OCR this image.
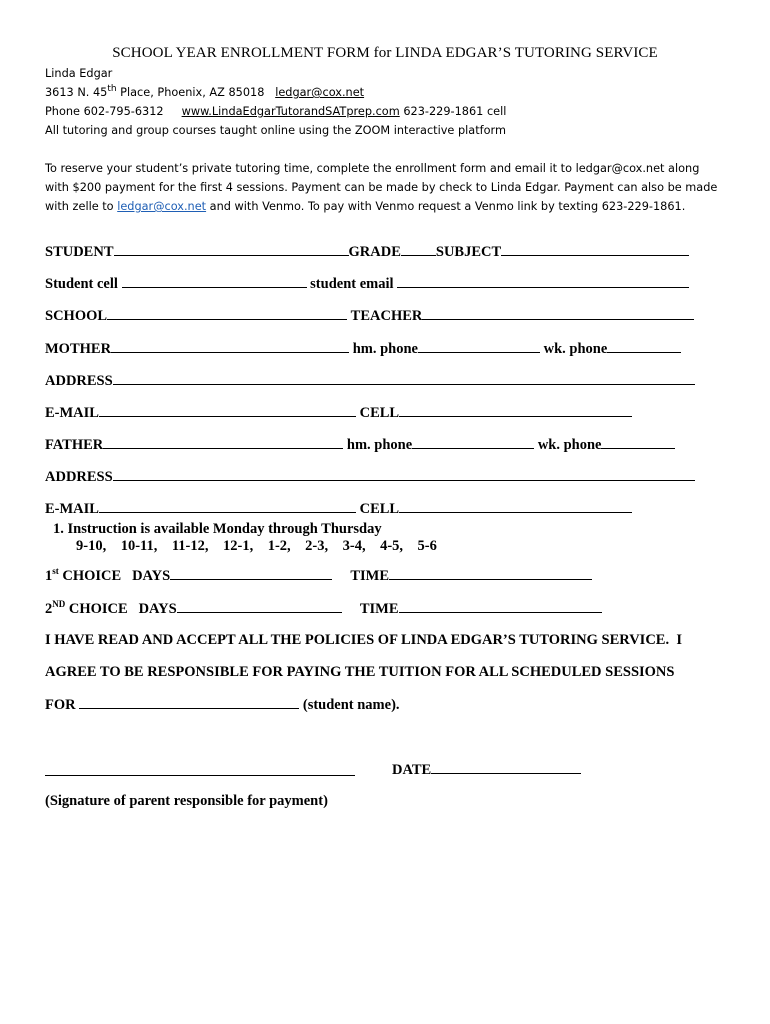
SCHOOL YEAR ENROLLMENT FORM for LINDA EDGAR’S TUTORING SERVICE
Linda Edgar
3613 N. 45th Place, Phoenix, AZ 85018 ledgar@cox.net
Phone 602-795-6312 www.LindaEdgarTutorandSATprep.com 623-229-1861 cell
All tutoring and group courses taught online using the ZOOM interactive platform
To reserve your student’s private tutoring time, complete the enrollment form and email it to ledgar@cox.net along
with $200 payment for the first 4 sessions. Payment can be made by check to Linda Edgar. Payment can also be made
with zelle to ledgar@cox.net and with Venmo. To pay with Venmo request a Venmo link by texting 623-229-1861.
STUDENT	GRADE SUBJECT
Student cell	student email
SCHOOL	TEACHER
MOTHER	hm. phone	wk. phone
ADDRESS
E-MAIL	CELL
FATHER	hm. phone	wk. phone
ADDRESS
E-MAIL	CELL
1. Instruction is available Monday through Thursday
9-10,    10-11,    11-12,    12-1,    1-2,    2-3,    3-4,    4-5,    5-6
1st CHOICE   DAYS	TIME
2ND CHOICE   DAYS	TIME
I HAVE READ AND ACCEPT ALL THE POLICIES OF LINDA EDGAR’S TUTORING SERVICE.  I
AGREE TO BE RESPONSIBLE FOR PAYING THE TUITION FOR ALL SCHEDULED SESSIONS
FOR	(student name).
DATE
(Signature of parent responsible for payment)
